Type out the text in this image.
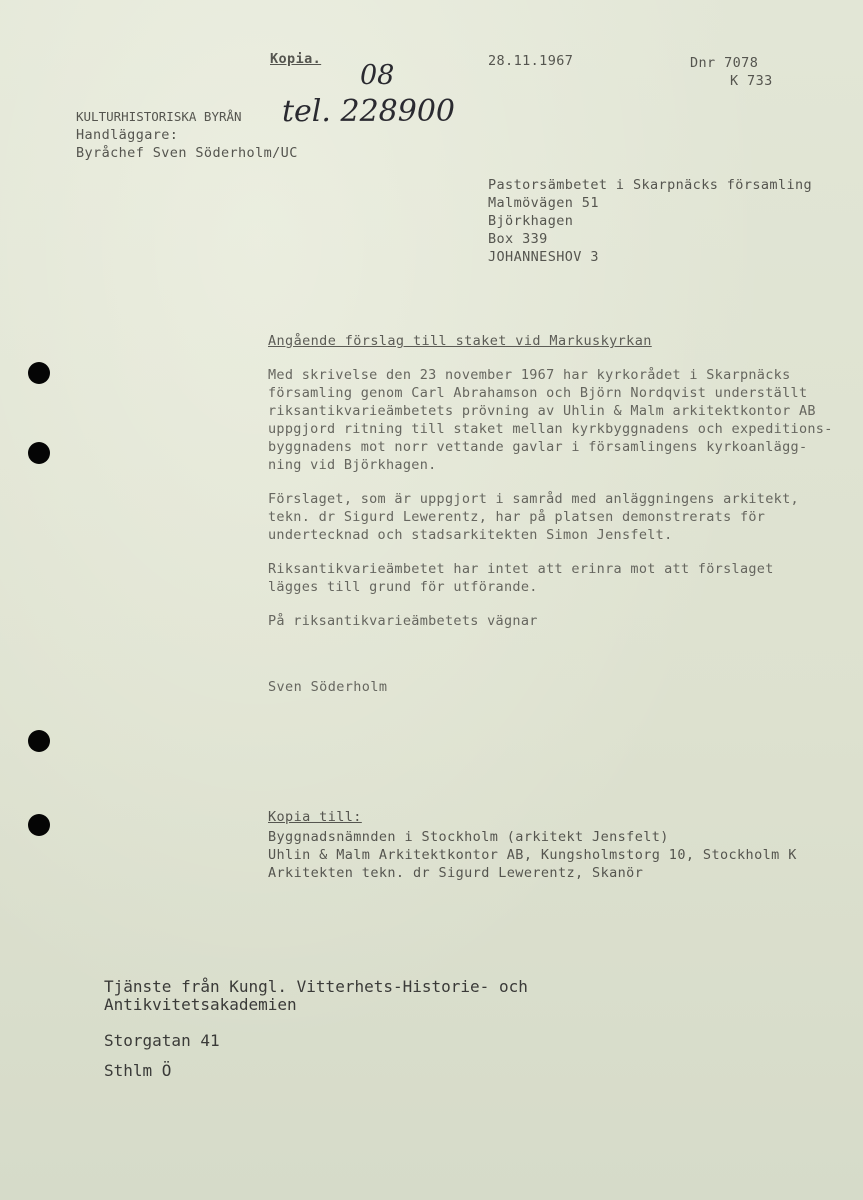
Kopia.	28.11.1967	Dnr 7078
K 733
08
tel. 228900
KULTURHISTORISKA BYRÅN
Handläggare:
Byråchef Sven Söderholm/UC
Pastorsämbetet i Skarpnäcks församling
Malmövägen 51
Björkhagen
Box 339
JOHANNESHOV 3
Angående förslag till staket vid Markuskyrkan

Med skrivelse den 23 november 1967 har kyrkorådet i Skarpnäcks
församling genom Carl Abrahamson och Björn Nordqvist underställt
riksantikvarieämbetets prövning av Uhlin & Malm arkitektkontor AB
uppgjord ritning till staket mellan kyrkbyggnadens och expeditions-
byggnadens mot norr vettande gavlar i församlingens kyrkoanlägg-
ning vid Björkhagen.

Förslaget, som är uppgjort i samråd med anläggningens arkitekt,
tekn. dr Sigurd Lewerentz, har på platsen demonstrerats för
undertecknad och stadsarkitekten Simon Jensfelt.

Riksantikvarieämbetet har intet att erinra mot att förslaget
lägges till grund för utförande.

På riksantikvarieämbetets vägnar

Sven Söderholm
Kopia till:
Byggnadsnämnden i Stockholm (arkitekt Jensfelt)
Uhlin & Malm Arkitektkontor AB, Kungsholmstorg 10, Stockholm K
Arkitekten tekn. dr Sigurd Lewerentz, Skanör
Tjänste från Kungl. Vitterhets-Historie- och
Antikvitetsakademien
Storgatan 41
Sthlm Ö
